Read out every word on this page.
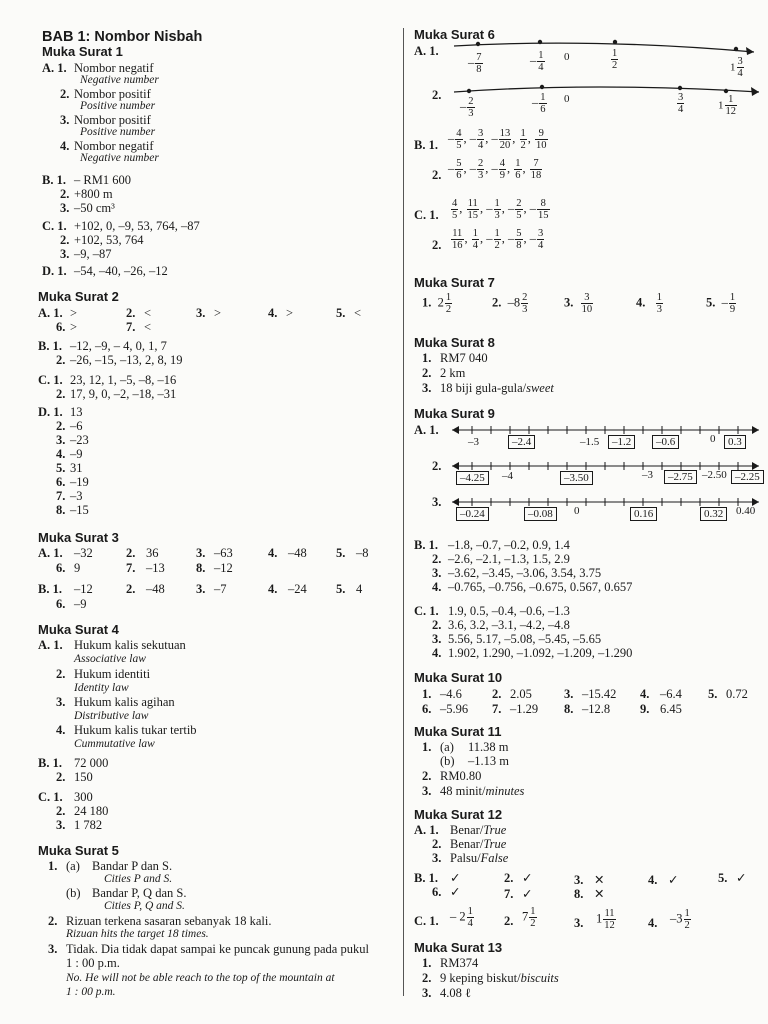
BAB 1: Nombor Nisbah
Muka Surat 1
A. 1. Nombor negatif
Negative number
2. Nombor positif
Positive number
3. Nombor positif
Positive number
4. Nombor negatif
Negative number
B. 1. – RM1 600
2. +800 m
3. –50 cm³
C. 1. +102, 0, –9, 53, 764, –87
2. +102, 53, 764
3. –9, –87
D. 1. –54, –40, –26, –12
Muka Surat 2
A. 1. >	2. <	3. >	4. >	5. <
6. >	7. <
B. 1. –12, –9, – 4, 0, 1, 7
2. –26, –15, –13, 2, 8, 19
C. 1. 23, 12, 1, –5, –8, –16
2. 17, 9, 0, –2, –18, –31
D. 1. 13
2. –6
3. –23
4. –9
5. 31
6. –19
7. –3
8. –15
Muka Surat 3
A. 1. –32	2. 36	3. –63	4. –48 5. –8
6. 9	7. –13	8. –12
B. 1. –12	2. –48	3. –7	4. –24 5. 4
6. –9
Muka Surat 4
A. 1. Hukum kalis sekutuan
Associative law
2. Hukum identiti
Identity law
3. Hukum kalis agihan
Distributive law
4. Hukum kalis tukar tertib
Cummutative law
B. 1. 72 000
2. 150
C. 1. 300
2. 24 180
3. 1 782
Muka Surat 5
1. (a) Bandar P dan S.
Cities P and S.
(b) Bandar P, Q dan S.
Cities P, Q and S.
2. Rizuan terkena sasaran sebanyak 18 kali.
Rizuan hits the target 18 times.
3. Tidak. Dia tidak dapat sampai ke puncak gunung pada pukul
1 : 00 p.m.
No. He will not be able reach to the top of the mountain at
1 : 00 p.m.
Muka Surat 6
A. 1.
2.
– $\frac{7}{8}$	– $\frac{1}{4} 0$	$\frac{1}{2}$	$1 \frac{3}{4}$
– $\frac{2}{3}$	– $\frac{1}{6} 0$	$\frac{3}{4}$	$1 \frac{1}{12}$
B. 1. – $\frac{4}{5}$ , – $\frac{3}{4}$ , – $\frac{13}{20}$ , $\frac{1}{2}$ , $\frac{9}{10}$
2. – $\frac{5}{6}$ , – $\frac{2}{3}$ , – $\frac{4}{9}$ , $\frac{1}{6}$ , $\frac{7}{18}$
C. 1. $\frac{4}{5}$ , $\frac{11}{15}$ , – $\frac{1}{3}$ , – $\frac{2}{5}$ , – $\frac{8}{15}$
2. $\frac{11}{16}$ , $\frac{1}{4}$ , – $\frac{1}{2}$ , – $\frac{5}{8}$ , – $\frac{3}{4}$
Muka Surat 7
1. $2 \frac{1}{2}$	2. $-8 \frac{2}{3}$	3. $\frac{3}{10}$	4. $\frac{1}{3}$	5. – $\frac{1}{9}$
Muka Surat 8
1. RM7 040
2. 2 km
3. 18 biji gula-gula/sweet
Muka Surat 9
A. 1.
2.
3.
–3	–2.4	–1.5	–1.2	–0.6	0	0.3
–4.25	–4	–3.50	–3	–2.75 –2.50 –2.25
–0.24	–0.08	0	0.16	0.32	0.40
B. 1. –1.8, –0.7, –0.2, 0.9, 1.4
2. –2.6, –2.1, –1.3, 1.5, 2.9
3. –3.62, –3.45, –3.06, 3.54, 3.75
4. –0.765, –0.756, –0.675, 0.567, 0.657
C. 1. 1.9, 0.5, –0.4, –0.6, –1.3
2. 3.6, 3.2, –3.1, –4.2, –4.8
3. 5.56, 5.17, –5.08, –5.45, –5.65
4. 1.902, 1.290, –1.092, –1.209, –1.290
Muka Surat 10
1. –4.6 2. 2.05	3. –15.42 4. –6.4 5. 0.72
6. –5.96 7. –1.29 8. –12.8 9. 6.45
Muka Surat 11
1. (a) 11.38 m
(b) –1.13 m
2. RM0.80
3. 48 minit/minutes
Muka Surat 12
A. 1. Benar/True
2. Benar/True
3. Palsu/False
B. 1. ✓	2. ✓	3. ✕	4. ✓	5. ✓
6. ✓	7. ✓	8. ✕
C. 1. – $2 \frac{1}{4} 2$. $7 \frac{1}{2}$	3. $1 \frac{11}{12}$	4. $-3 \frac{1}{2}$
Muka Surat 13
1. RM374
2. 9 keping biskut/biscuits
3. 4.08 ℓ
